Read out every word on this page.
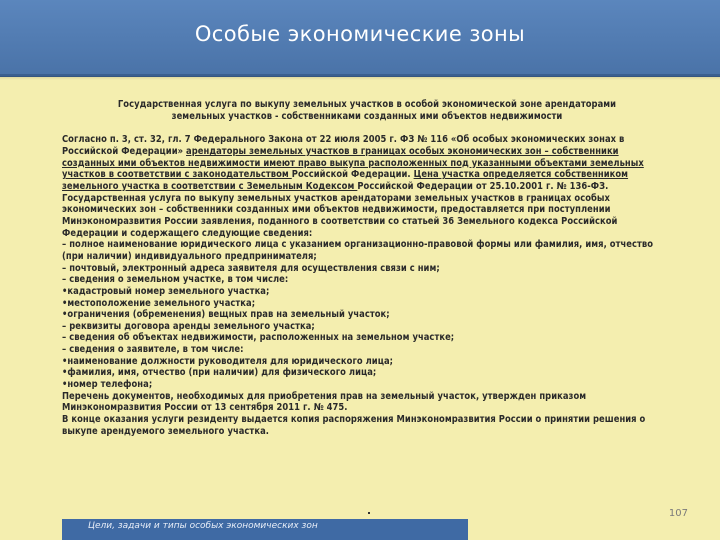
Особые экономические зоны
Государственная услуга по выкупу земельных участков в особой экономической зоне арендаторами
земельных участков - собственниками созданных ими объектов недвижимости

Согласно п. 3, ст. 32, гл. 7 Федерального Закона от 22 июля 2005 г. ФЗ № 116 «Об особых экономических зонах в Российской Федерации» арендаторы земельных участков в границах особых экономических зон – собственники созданных ими объектов недвижимости имеют право выкупа расположенных под указанными объектами земельных участков в соответствии с законодательством Российской Федерации. Цена участка определяется собственником земельного участка в соответствии с Земельным Кодексом Российской Федерации от 25.10.2001 г. № 136-ФЗ.

Государственная услуга по выкупу земельных участков арендаторами земельных участков в границах особых экономических зон – собственники созданных ими объектов недвижимости, предоставляется при поступлении Минэкономразвития России заявления, поданного в соответствии со статьей 36 Земельного кодекса Российской Федерации и содержащего следующие сведения:

– полное наименование юридического лица с указанием организационно-правовой формы или фамилия, имя, отчество (при наличии) индивидуального предпринимателя;
– почтовый, электронный адреса заявителя для осуществления связи с ним;
– сведения о земельном участке, в том числе:
•кадастровый номер земельного участка;
•местоположение земельного участка;
•ограничения (обременения) вещных прав на земельный участок;
– реквизиты договора аренды земельного участка;
– сведения об объектах недвижимости, расположенных на земельном участке;
– сведения о заявителе, в том числе:
•наименование должности руководителя для юридического лица;
•фамилия, имя, отчество (при наличии) для физического лица;
•номер телефона;

Перечень документов, необходимых для приобретения прав на земельный участок, утвержден приказом Минэкономразвития России от 13 сентября 2011 г. № 475.

В конце оказания услуги резиденту выдается копия распоряжения Минэкономразвития России о принятии решения о выкупе арендуемого земельного участка.

107
Цели, задачи и типы особых экономических зон
